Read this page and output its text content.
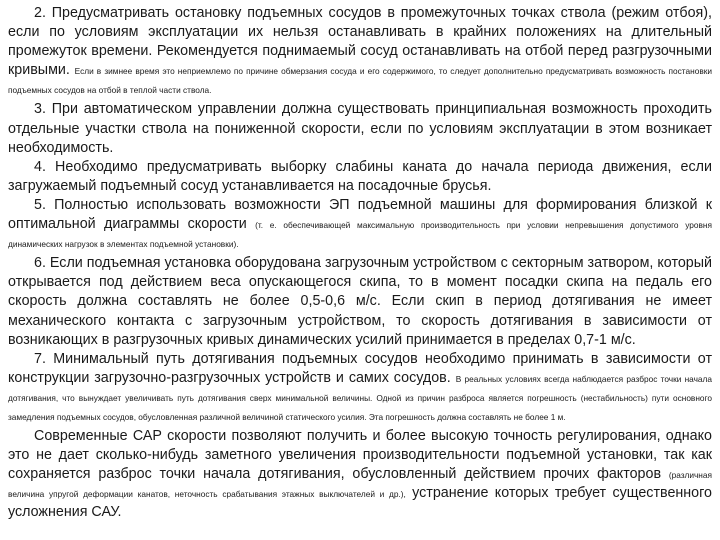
2. Предусматривать остановку подъемных сосудов в промежуточных точках ствола (режим отбоя), если по условиям эксплуатации их нельзя останавливать в крайних положениях на длительный промежуток времени. Рекомендуется поднимаемый сосуд останавливать на отбой перед разгрузочными кривыми. Если в зимнее время это неприемлемо по причине обмерзания сосуда и его содержимого, то следует дополнительно предусматривать возможность постановки подъемных сосудов на отбой в теплой части ствола.

3. При автоматическом управлении должна существовать принципиальная возможность проходить отдельные участки ствола на пониженной скорости, если по условиям эксплуатации в этом возникает необходимость.

4. Необходимо предусматривать выборку слабины каната до начала периода движения, если загружаемый подъемный сосуд устанавливается на посадочные брусья.

5. Полностью использовать возможности ЭП подъемной машины для формирования близкой к оптимальной диаграммы скорости (т. е. обеспечивающей максимальную производительность при условии непревышения допустимого уровня динамических нагрузок в элементах подъемной установки).

6. Если подъемная установка оборудована загрузочным устройством с секторным затвором, который открывается под действием веса опускающегося скипа, то в момент посадки скипа на педаль его скорость должна составлять не более 0,5-0,6 м/с. Если скип в период дотягивания не имеет механического контакта с загрузочным устройством, то скорость дотягивания в зависимости от возникающих в разгрузочных кривых динамических усилий принимается в пределах 0,7-1 м/с.

7. Минимальный путь дотягивания подъемных сосудов необходимо принимать в зависимости от конструкции загрузочно-разгрузочных устройств и самих сосудов. В реальных условиях всегда наблюдается разброс точки начала дотягивания, что вынуждает увеличивать путь дотягивания сверх минимальной величины. Одной из причин разброса является погрешность (нестабильность) пути основного замедления подъемных сосудов, обусловленная различной величиной статического усилия. Эта погрешность должна составлять не более 1 м.

Современные САР скорости позволяют получить и более высокую точность регулирования, однако это не дает сколько-нибудь заметного увеличения производительности подъемной установки, так как сохраняется разброс точки начала дотягивания, обусловленный действием прочих факторов (различная величина упругой деформации канатов, неточность срабатывания этажных выключателей и др.), устранение которых требует существенного усложнения САУ.
